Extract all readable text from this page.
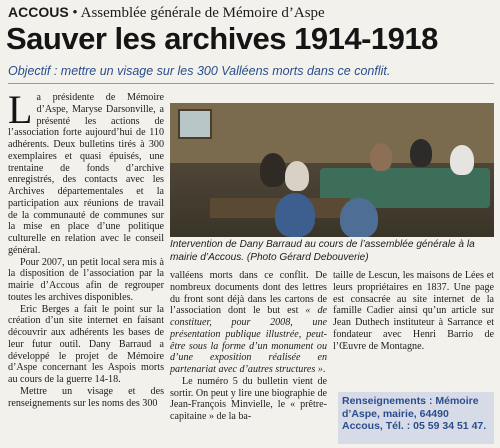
ACCOUS • Assemblée générale de Mémoire d’Aspe
Sauver les archives 1914-1918
Objectif : mettre un visage sur les 300 Valléens morts dans ce conflit.
L a présidente de Mémoire d’Aspe, Maryse Darsonville, a présenté les actions de l’association forte aujourd’hui de 110 adhérents. Deux bulletins tirés à 300 exemplaires et quasi épuisés, une trentaine de fonds d’archive enregistrés, des contacts avec les Archives départementales et la participation aux réunions de travail de la communauté de communes sur la mise en place d’une politique culturelle en relation avec le conseil général.

Pour 2007, un petit local sera mis à la disposition de l’association par la mairie d’Accous afin de regrouper toutes les archives disponibles.

Eric Berges a fait le point sur la création d’un site internet en faisant découvrir aux adhérents les bases de leur futur outil. Dany Barraud a développé le projet de Mémoire d’Aspe concernant les Aspois morts au cours de la guerre 14-18.

Mettre un visage et des renseignements sur les noms des 300

Intervention de Dany Barraud au cours de l’assemblée générale à la mairie d’Accous. (Photo Gérard Debouverie)

valléens morts dans ce conflit. De nombreux documents dont des lettres du front sont déjà dans les cartons de l’association dont le but est « de constituer, pour 2008, une présentation publique illustrée, peut-être sous la forme d’un monument ou d’une exposition réalisée en partenariat avec d’autres structures ».

Le numéro 5 du bulletin vient de sortir. On peut y lire une biographie de Jean-François Minvielle, le « prêtre-capitaine » de la ba-

taille de Lescun, les maisons de Lées et leurs propriétaires en 1837. Une page est consacrée au site internet de la famille Cadier ainsi qu’un article sur Jean Duthech instituteur à Sarrance et fondateur avec Henri Barrio de l’Œuvre de Montagne.

Renseignements : Mémoire d’Aspe, mairie, 64490 Accous, Tél. : 05 59 34 51 47.
